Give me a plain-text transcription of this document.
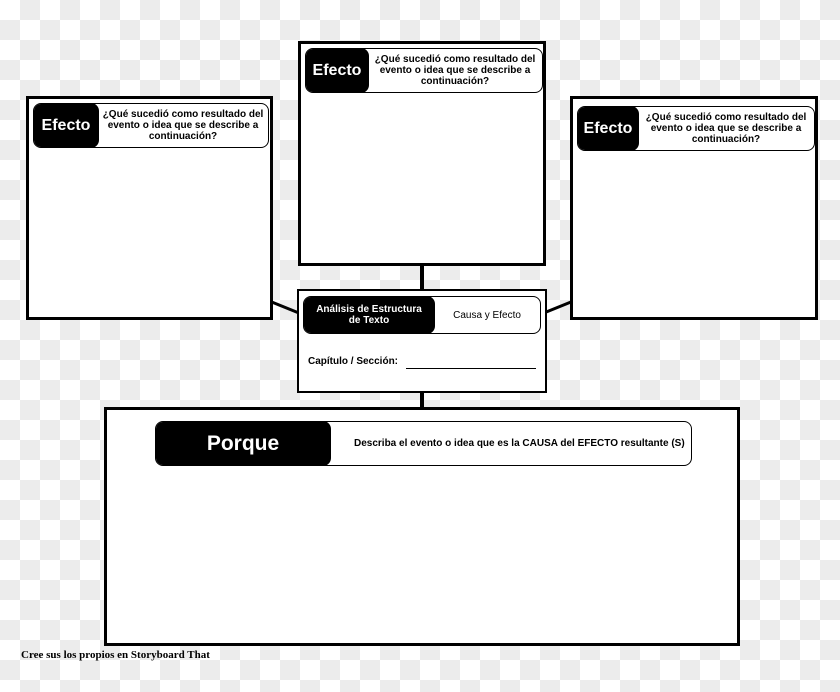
Efecto
¿Qué sucedió como resultado del evento o idea que se describe a continuación?
Efecto
¿Qué sucedió como resultado del evento o idea que se describe a continuación?
Efecto
¿Qué sucedió como resultado del evento o idea que se describe a continuación?
Análisis de Estructura de Texto	Causa y Efecto
Capítulo / Sección:
Porque	Describa el evento o idea que es la CAUSA del EFECTO resultante (S)
Cree sus los propios en Storyboard That
